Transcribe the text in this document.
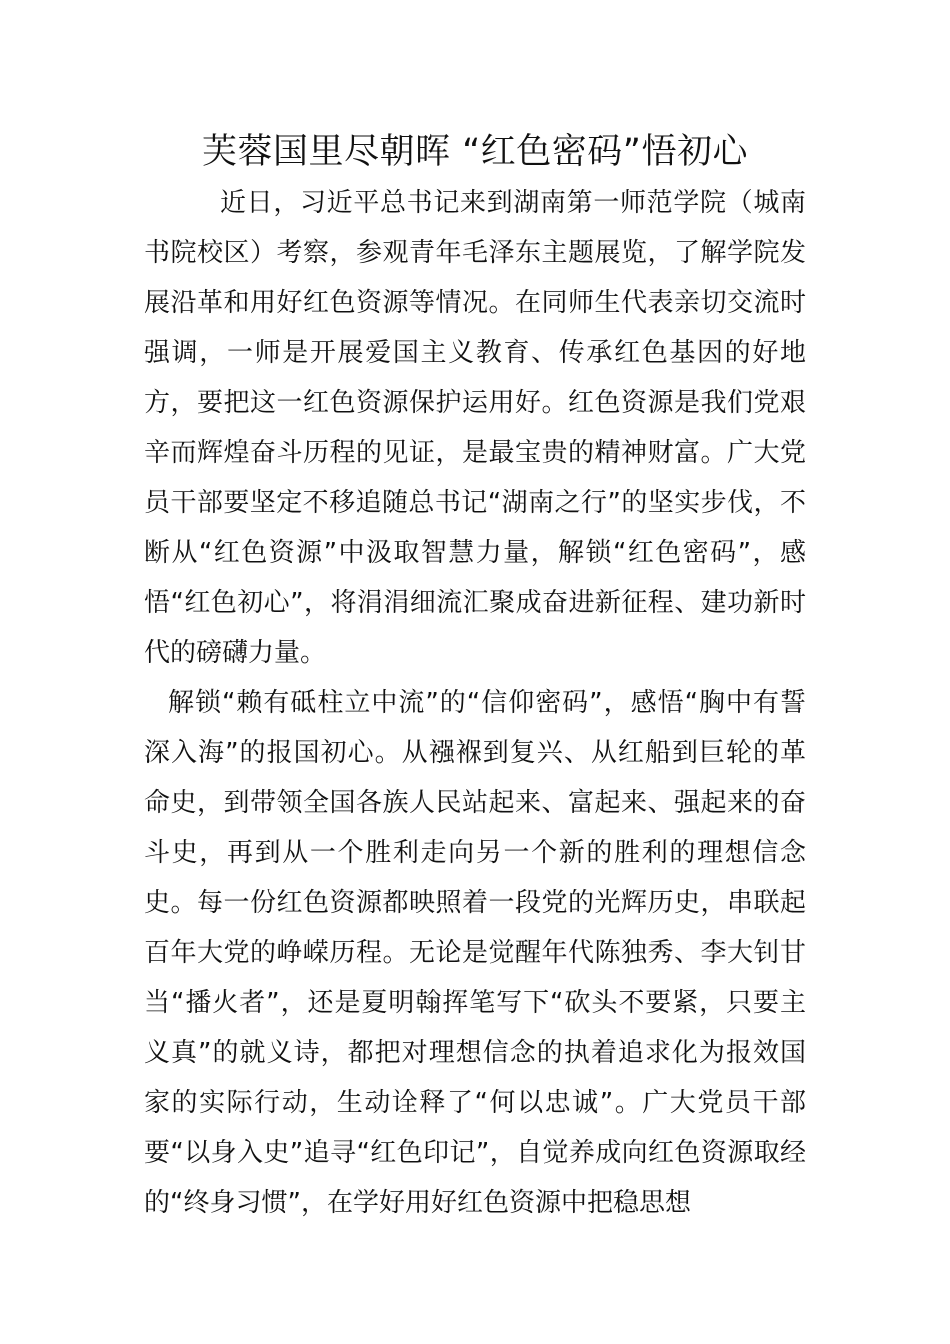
芙蓉国里尽朝晖 “红色密码”悟初心

近日，习近平总书记来到湖南第一师范学院（城南书院校区）考察，参观青年毛泽东主题展览，了解学院发展沿革和用好红色资源等情况。在同师生代表亲切交流时强调，一师是开展爱国主义教育、传承红色基因的好地方，要把这一红色资源保护运用好。红色资源是我们党艰辛而辉煌奋斗历程的见证，是最宝贵的精神财富。广大党员干部要坚定不移追随总书记“湖南之行”的坚实步伐，不断从“红色资源”中汲取智慧力量，解锁“红色密码”，感悟“红色初心”，将涓涓细流汇聚成奋进新征程、建功新时代的磅礴力量。

解锁“赖有砥柱立中流”的“信仰密码”，感悟“胸中有誓深入海”的报国初心。从襁褓到复兴、从红船到巨轮的革命史，到带领全国各族人民站起来、富起来、强起来的奋斗史，再到从一个胜利走向另一个新的胜利的理想信念史。每一份红色资源都映照着一段党的光辉历史，串联起百年大党的峥嵘历程。无论是觉醒年代陈独秀、李大钊甘当“播火者”，还是夏明翰挥笔写下“砍头不要紧，只要主义真”的就义诗，都把对理想信念的执着追求化为报效国家的实际行动，生动诠释了“何以忠诚”。广大党员干部要“以身入史”追寻“红色印记”，自觉养成向红色资源取经的“终身习惯”，在学好用好红色资源中把稳思想
